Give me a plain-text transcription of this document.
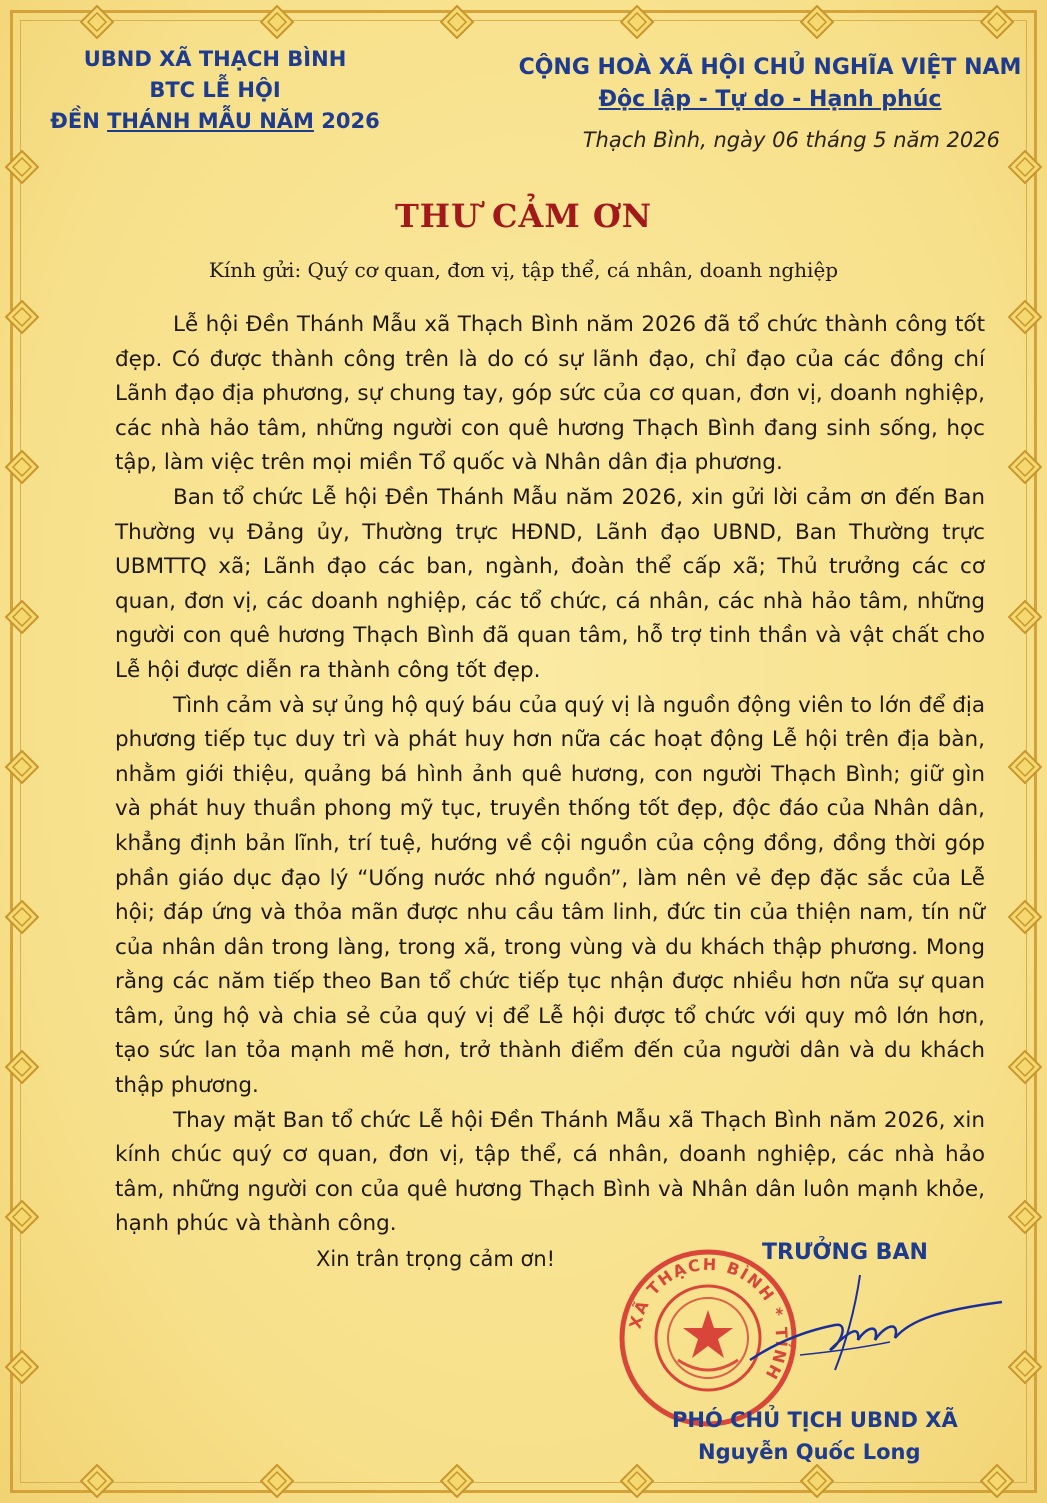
UBND XÃ THẠCH BÌNH
BTC LỄ HỘI
ĐỀN THÁNH MẪU NĂM 2026
CỘNG HOÀ XÃ HỘI CHỦ NGHĨA VIỆT NAM
Độc lập - Tự do - Hạnh phúc
Thạch Bình, ngày 06 tháng 5 năm 2026
THƯ CẢM ƠN
Kính gửi: Quý cơ quan, đơn vị, tập thể, cá nhân, doanh nghiệp

Lễ hội Đền Thánh Mẫu xã Thạch Bình năm 2026 đã tổ chức thành công tốt đẹp. Có được thành công trên là do có sự lãnh đạo, chỉ đạo của các đồng chí Lãnh đạo địa phương, sự chung tay, góp sức của cơ quan, đơn vị, doanh nghiệp, các nhà hảo tâm, những người con quê hương Thạch Bình đang sinh sống, học tập, làm việc trên mọi miền Tổ quốc và Nhân dân địa phương.

Ban tổ chức Lễ hội Đền Thánh Mẫu năm 2026, xin gửi lời cảm ơn đến Ban Thường vụ Đảng ủy, Thường trực HĐND, Lãnh đạo UBND, Ban Thường trực UBMTTQ xã; Lãnh đạo các ban, ngành, đoàn thể cấp xã; Thủ trưởng các cơ quan, đơn vị, các doanh nghiệp, các tổ chức, cá nhân, các nhà hảo tâm, những người con quê hương Thạch Bình đã quan tâm, hỗ trợ tinh thần và vật chất cho Lễ hội được diễn ra thành công tốt đẹp.

Tình cảm và sự ủng hộ quý báu của quý vị là nguồn động viên to lớn để địa phương tiếp tục duy trì và phát huy hơn nữa các hoạt động Lễ hội trên địa bàn, nhằm giới thiệu, quảng bá hình ảnh quê hương, con người Thạch Bình; giữ gìn và phát huy thuần phong mỹ tục, truyền thống tốt đẹp, độc đáo của Nhân dân, khẳng định bản lĩnh, trí tuệ, hướng về cội nguồn của cộng đồng, đồng thời góp phần giáo dục đạo lý “Uống nước nhớ nguồn”, làm nên vẻ đẹp đặc sắc của Lễ hội; đáp ứng và thỏa mãn được nhu cầu tâm linh, đức tin của thiện nam, tín nữ của nhân dân trong làng, trong xã, trong vùng và du khách thập phương. Mong rằng các năm tiếp theo Ban tổ chức tiếp tục nhận được nhiều hơn nữa sự quan tâm, ủng hộ và chia sẻ của quý vị để Lễ hội được tổ chức với quy mô lớn hơn, tạo sức lan tỏa mạnh mẽ hơn, trở thành điểm đến của người dân và du khách thập phương.

Thay mặt Ban tổ chức Lễ hội Đền Thánh Mẫu xã Thạch Bình năm 2026, xin kính chúc quý cơ quan, đơn vị, tập thể, cá nhân, doanh nghiệp, các nhà hảo tâm, những người con của quê hương Thạch Bình và Nhân dân luôn mạnh khỏe, hạnh phúc và thành công.

Xin trân trọng cảm ơn!
XÃ THẠCH BÌNH * TỈNH
TRƯỞNG BAN
PHÓ CHỦ TỊCH UBND XÃ
Nguyễn Quốc Long
